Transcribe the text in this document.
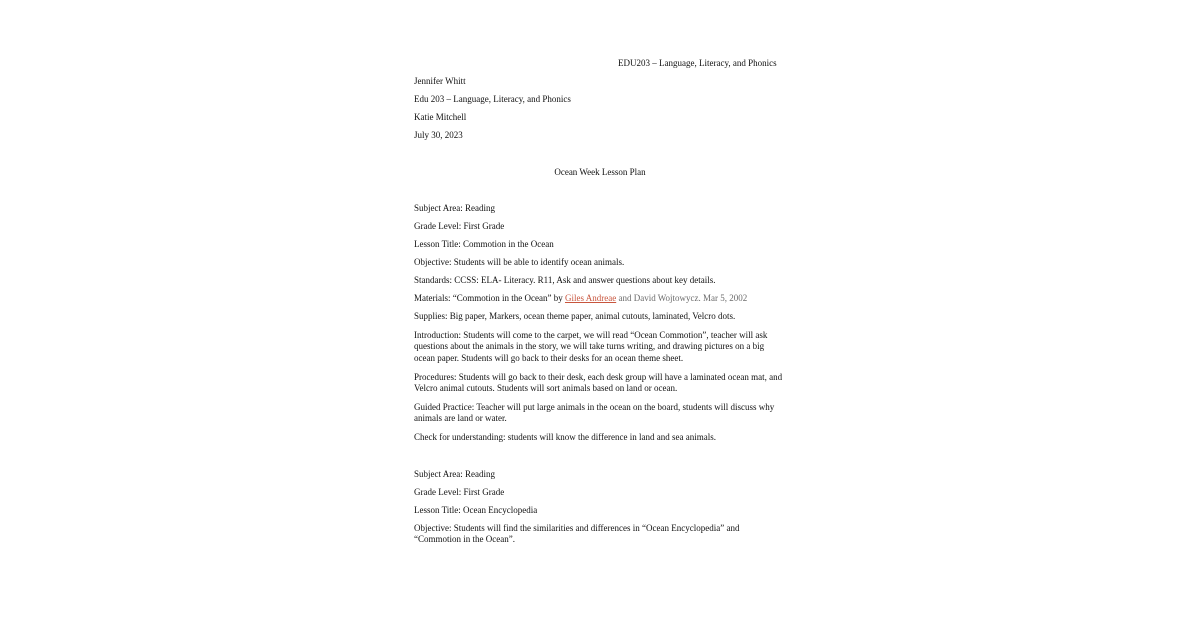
EDU203 – Language, Literacy, and Phonics
Jennifer Whitt
Edu 203 – Language, Literacy, and Phonics
Katie Mitchell
July 30, 2023
Ocean Week Lesson Plan
Subject Area: Reading
Grade Level: First Grade
Lesson Title: Commotion in the Ocean
Objective: Students will be able to identify ocean animals.
Standards: CCSS: ELA- Literacy. R11, Ask and answer questions about key details.
Materials: “Commotion in the Ocean” by Giles Andreae and David Wojtowycz. Mar 5, 2002
Supplies: Big paper, Markers, ocean theme paper, animal cutouts, laminated, Velcro dots.
Introduction: Students will come to the carpet, we will read “Ocean Commotion”, teacher will ask questions about the animals in the story, we will take turns writing, and drawing pictures on a big ocean paper. Students will go back to their desks for an ocean theme sheet.
Procedures: Students will go back to their desk, each desk group will have a laminated ocean mat, and Velcro animal cutouts. Students will sort animals based on land or ocean.
Guided Practice: Teacher will put large animals in the ocean on the board, students will discuss why animals are land or water.
Check for understanding: students will know the difference in land and sea animals.
Subject Area: Reading
Grade Level: First Grade
Lesson Title: Ocean Encyclopedia
Objective: Students will find the similarities and differences in “Ocean Encyclopedia” and “Commotion in the Ocean”.
